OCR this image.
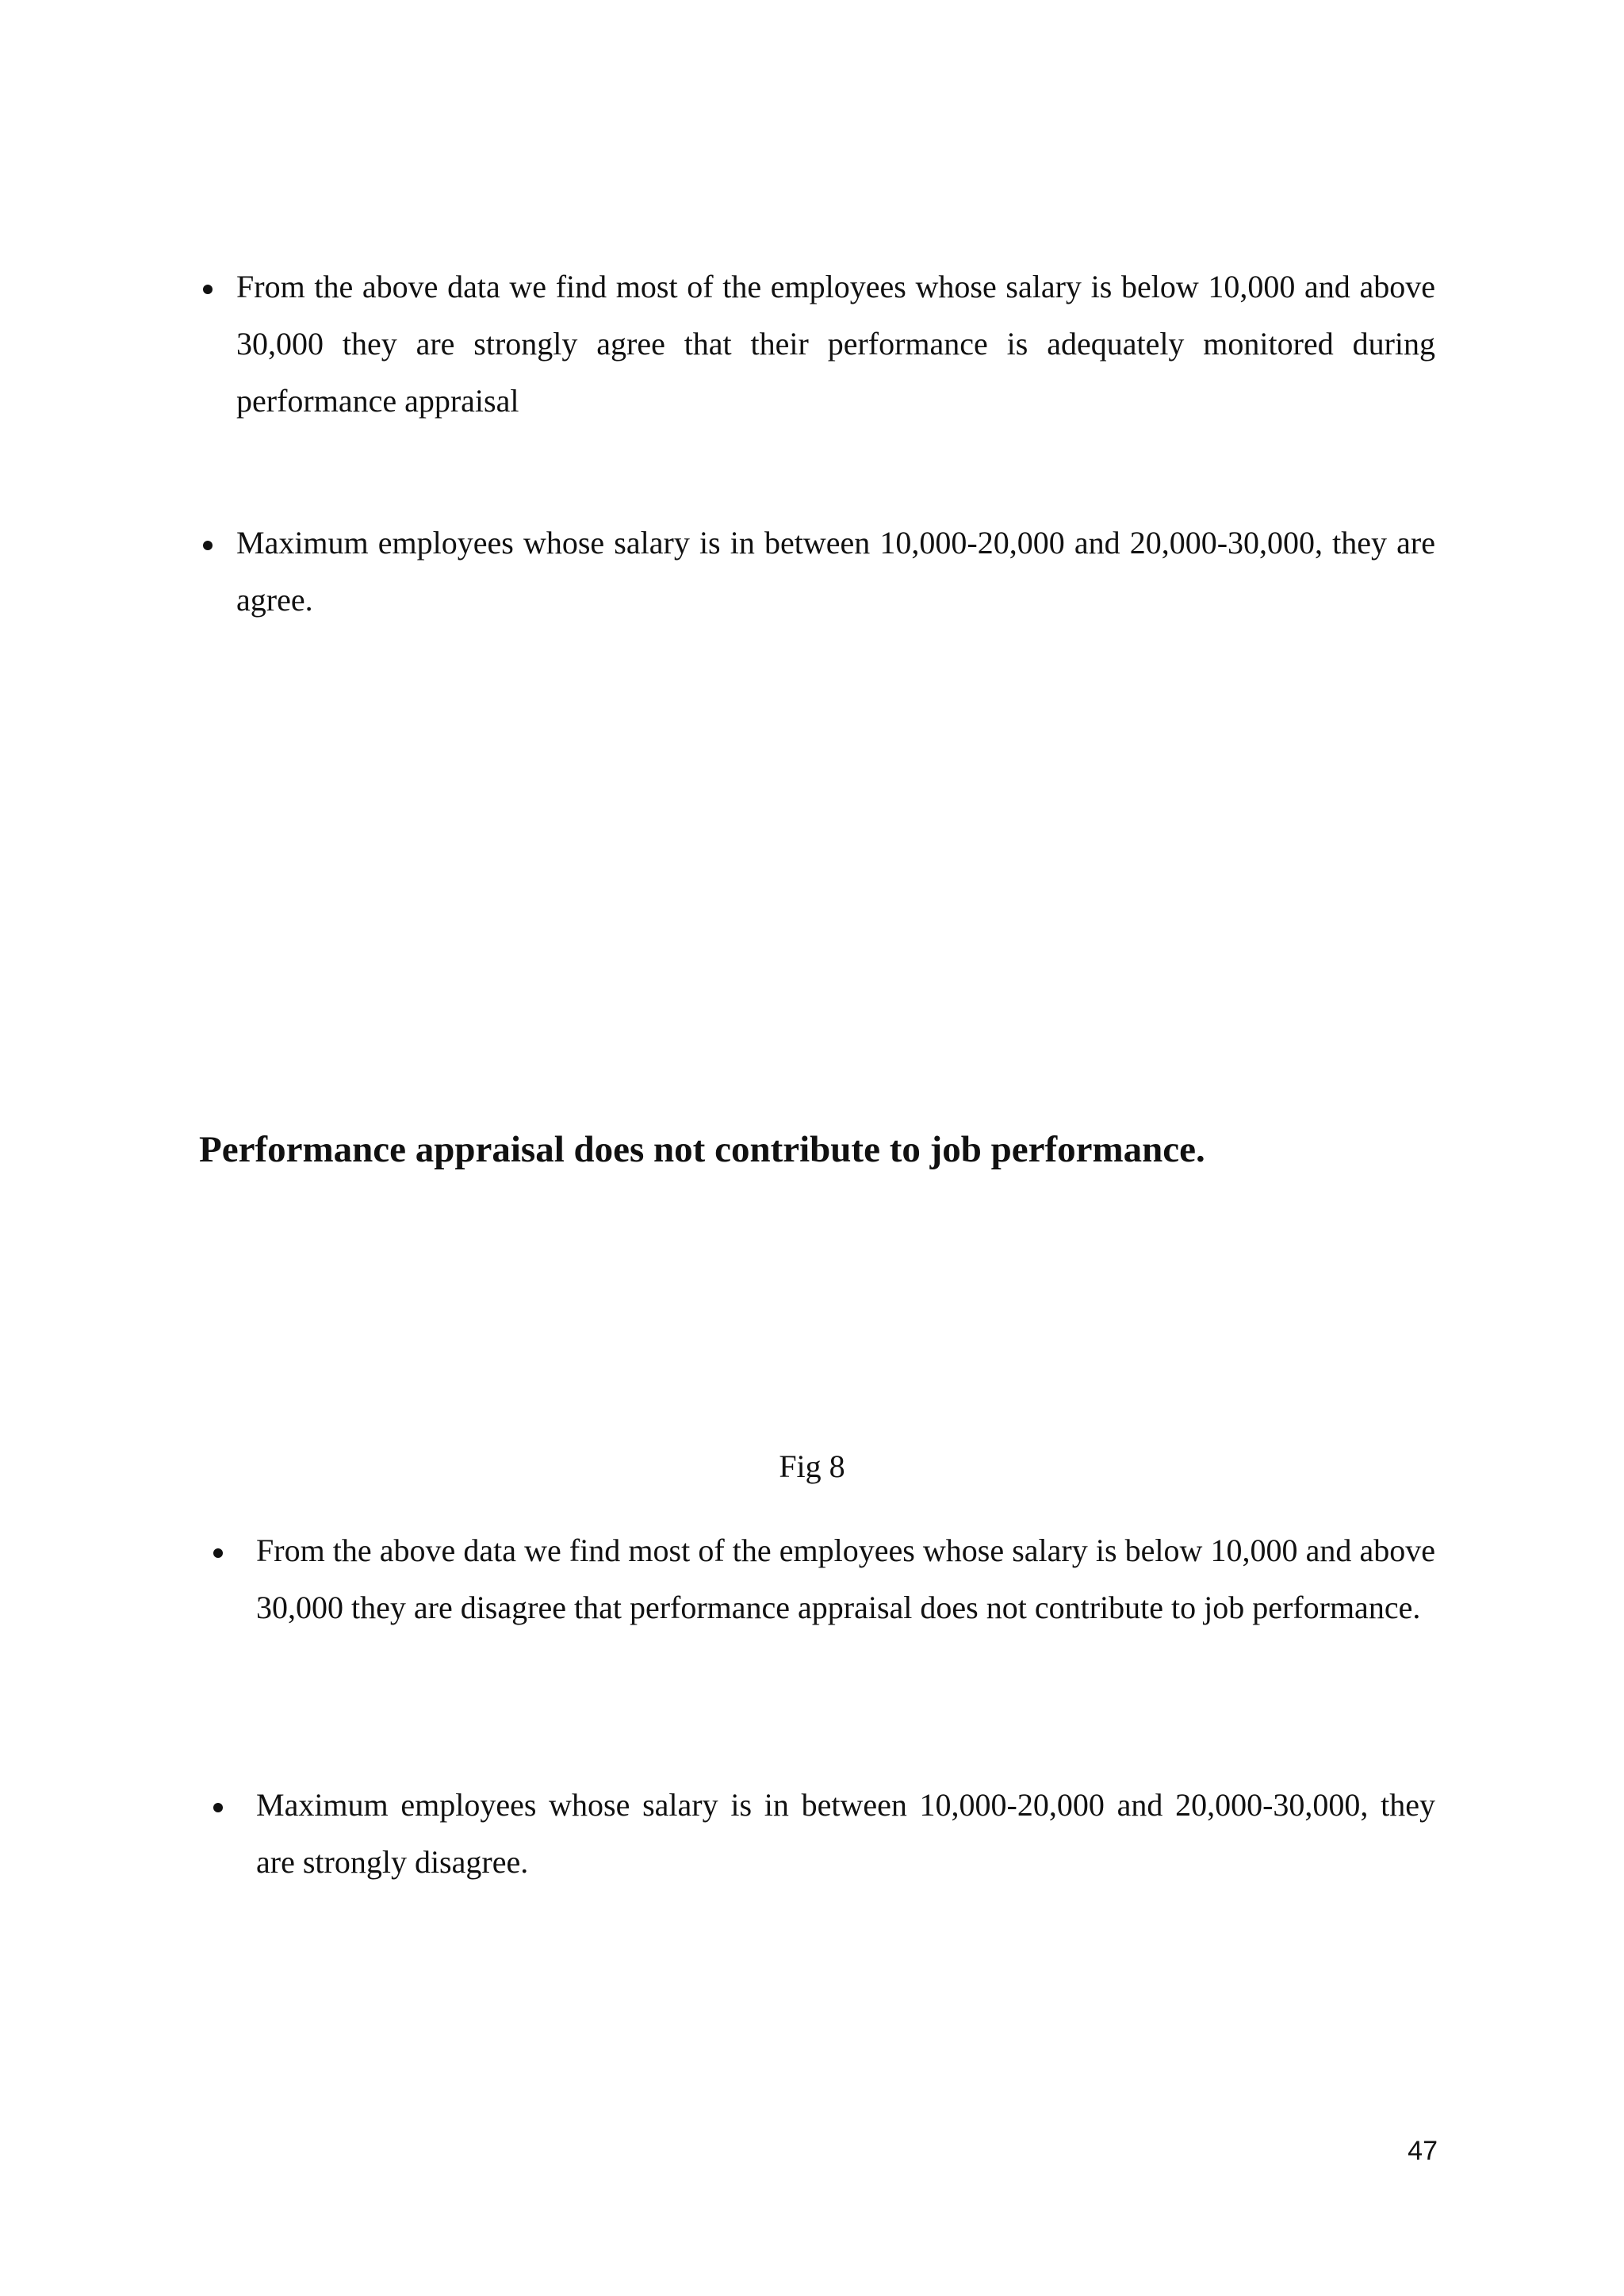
From the above data we find most of the employees whose salary is below 10,000 and above 30,000 they are strongly agree that their performance is adequately monitored during performance appraisal
Maximum employees whose salary is in between 10,000-20,000 and 20,000-30,000, they are agree.
Performance appraisal does not contribute to job performance.

Fig 8

From the above data we find most of the employees whose salary is below 10,000 and above 30,000 they are disagree that performance appraisal does not contribute to job performance.
Maximum employees whose salary is in between 10,000-20,000 and 20,000-30,000, they are strongly disagree.
47
